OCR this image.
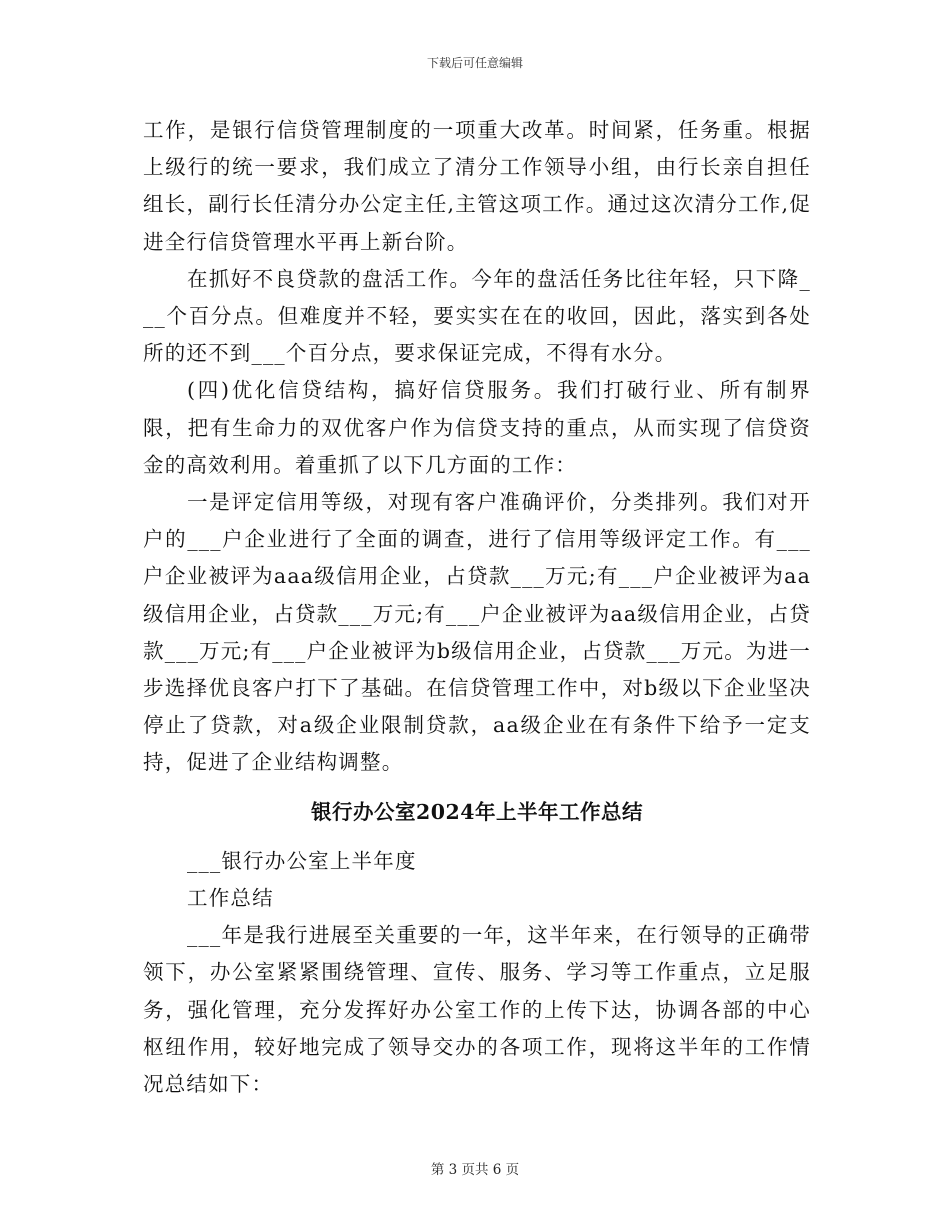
下载后可任意编辑

工作，是银行信贷管理制度的一项重大改革。时间紧，任务重。根据上级行的统一要求，我们成立了清分工作领导小组，由行长亲自担任组长，副行长任清分办公定主任,主管这项工作。通过这次清分工作,促进全行信贷管理水平再上新台阶。

在抓好不良贷款的盘活工作。今年的盘活任务比往年轻，只下降___个百分点。但难度并不轻，要实实在在的收回，因此，落实到各处所的还不到___个百分点，要求保证完成，不得有水分。

(四)优化信贷结构，搞好信贷服务。我们打破行业、所有制界限，把有生命力的双优客户作为信贷支持的重点，从而实现了信贷资金的高效利用。着重抓了以下几方面的工作：

一是评定信用等级，对现有客户准确评价，分类排列。我们对开户的___户企业进行了全面的调查，进行了信用等级评定工作。有___户企业被评为aaa级信用企业，占贷款___万元;有___户企业被评为aa级信用企业，占贷款___万元;有___户企业被评为aa级信用企业，占贷款___万元;有___户企业被评为b级信用企业，占贷款___万元。为进一步选择优良客户打下了基础。在信贷管理工作中，对b级以下企业坚决停止了贷款，对a级企业限制贷款，aa级企业在有条件下给予一定支持，促进了企业结构调整。

银行办公室2024年上半年工作总结

___银行办公室上半年度

工作总结

___年是我行进展至关重要的一年，这半年来，在行领导的正确带领下，办公室紧紧围绕管理、宣传、服务、学习等工作重点，立足服务，强化管理，充分发挥好办公室工作的上传下达，协调各部的中心枢纽作用，较好地完成了领导交办的各项工作，现将这半年的工作情况总结如下：

第 3 页共 6 页
